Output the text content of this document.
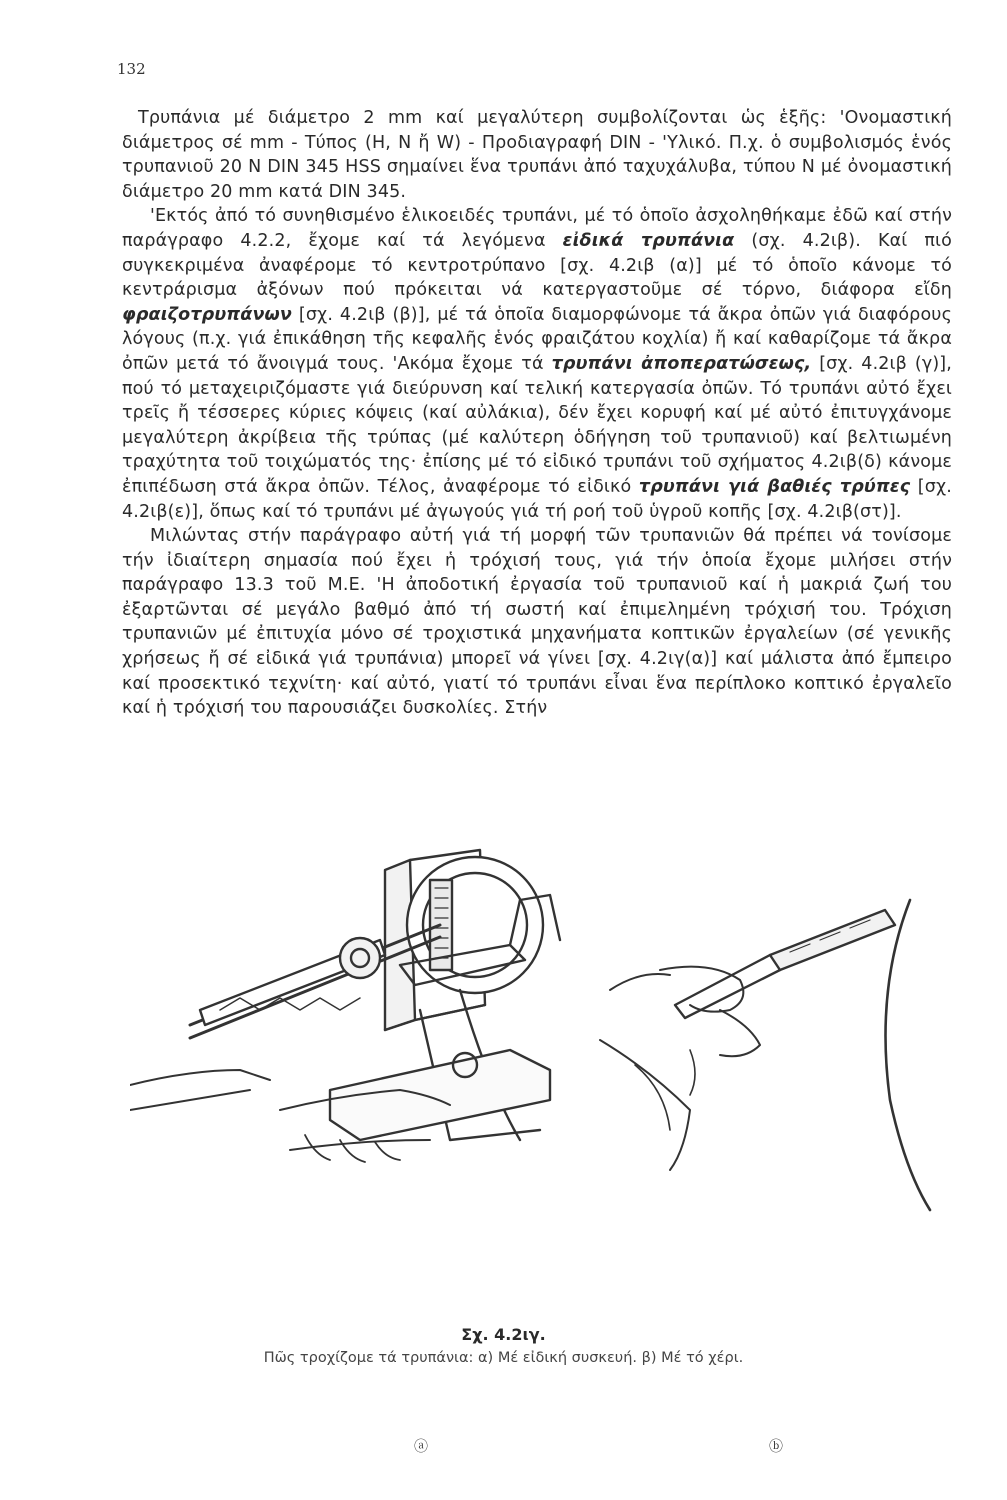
132

Τρυπάνια μέ διάμετρο 2 mm καί μεγαλύτερη συμβολίζονται ὡς ἑξῆς: 'Ονομαστική διάμετρος σέ mm - Τύπος (Η, Ν ἤ W) - Προδιαγραφή DIN - 'Υλικό. Π.χ. ὁ συμβολισμός ἑνός τρυπανιοῦ 20 N DIN 345 HSS σημαίνει ἕνα τρυπάνι ἀπό ταχυχάλυβα, τύπου Ν μέ ὀνομαστική διάμετρο 20 mm κατά DIN 345.

'Εκτός ἀπό τό συνηθισμένο ἑλικοειδές τρυπάνι, μέ τό ὁποῖο ἀσχοληθήκαμε ἐδῶ καί στήν παράγραφο 4.2.2, ἔχομε καί τά λεγόμενα εἰδικά τρυπάνια (σχ. 4.2ιβ). Καί πιό συγκεκριμένα ἀναφέρομε τό κεντροτρύπανο [σχ. 4.2ιβ (α)] μέ τό ὁποῖο κάνομε τό κεντράρισμα ἀξόνων πού πρόκειται νά κατεργαστοῦμε σέ τόρνο, διάφορα εἴδη φραιζοτρυπάνων [σχ. 4.2ιβ (β)], μέ τά ὁποῖα διαμορφώνομε τά ἄκρα ὀπῶν γιά διαφόρους λόγους (π.χ. γιά ἐπικάθηση τῆς κεφαλῆς ἑνός φραιζάτου κοχλία) ἤ καί καθαρίζομε τά ἄκρα ὀπῶν μετά τό ἄνοιγμά τους. 'Ακόμα ἔχομε τά τρυπάνι ἀποπερατώσεως, [σχ. 4.2ιβ (γ)], πού τό μεταχειριζόμαστε γιά διεύρυνση καί τελική κατεργασία ὀπῶν. Τό τρυπάνι αὐτό ἔχει τρεῖς ἤ τέσσερες κύριες κόψεις (καί αὐλάκια), δέν ἔχει κορυφή καί μέ αὐτό ἐπιτυγχάνομε μεγαλύτερη ἀκρίβεια τῆς τρύπας (μέ καλύτερη ὁδήγηση τοῦ τρυπανιοῦ) καί βελτιωμένη τραχύτητα τοῦ τοιχώματός της· ἐπίσης μέ τό εἰδικό τρυπάνι τοῦ σχήματος 4.2ιβ(δ) κάνομε ἐπιπέδωση στά ἄκρα ὀπῶν. Τέλος, ἀναφέρομε τό εἰδικό τρυπάνι γιά βαθιές τρύπες [σχ. 4.2ιβ(ε)], ὅπως καί τό τρυπάνι μέ ἀγωγούς γιά τή ροή τοῦ ὑγροῦ κοπῆς [σχ. 4.2ιβ(στ)].

Μιλώντας στήν παράγραφο αὐτή γιά τή μορφή τῶν τρυπανιῶν θά πρέπει νά τονίσομε τήν ἰδιαίτερη σημασία πού ἔχει ἡ τρόχισή τους, γιά τήν ὁποία ἔχομε μιλήσει στήν παράγραφο 13.3 τοῦ Μ.Ε. 'Η ἀποδοτική ἐργασία τοῦ τρυπανιοῦ καί ἡ μακριά ζωή του ἐξαρτῶνται σέ μεγάλο βαθμό ἀπό τή σωστή καί ἐπιμελημένη τρόχισή του. Τρόχιση τρυπανιῶν μέ ἐπιτυχία μόνο σέ τροχιστικά μηχανήματα κοπτικῶν ἐργαλείων (σέ γενικῆς χρήσεως ἤ σέ εἰδικά γιά τρυπάνια) μπορεῖ νά γίνει [σχ. 4.2ιγ(α)] καί μάλιστα ἀπό ἔμπειρο καί προσεκτικό τεχνίτη· καί αὐτό, γιατί τό τρυπάνι εἶναι ἕνα περίπλοκο κοπτικό ἐργαλεῖο καί ἡ τρόχισή του παρουσιάζει δυσκολίες. Στήν

ⓐ	ⓑ
Σχ. 4.2ιγ.
Πῶς τροχίζομε τά τρυπάνια: α) Μέ εἰδική συσκευή. β) Μέ τό χέρι.
